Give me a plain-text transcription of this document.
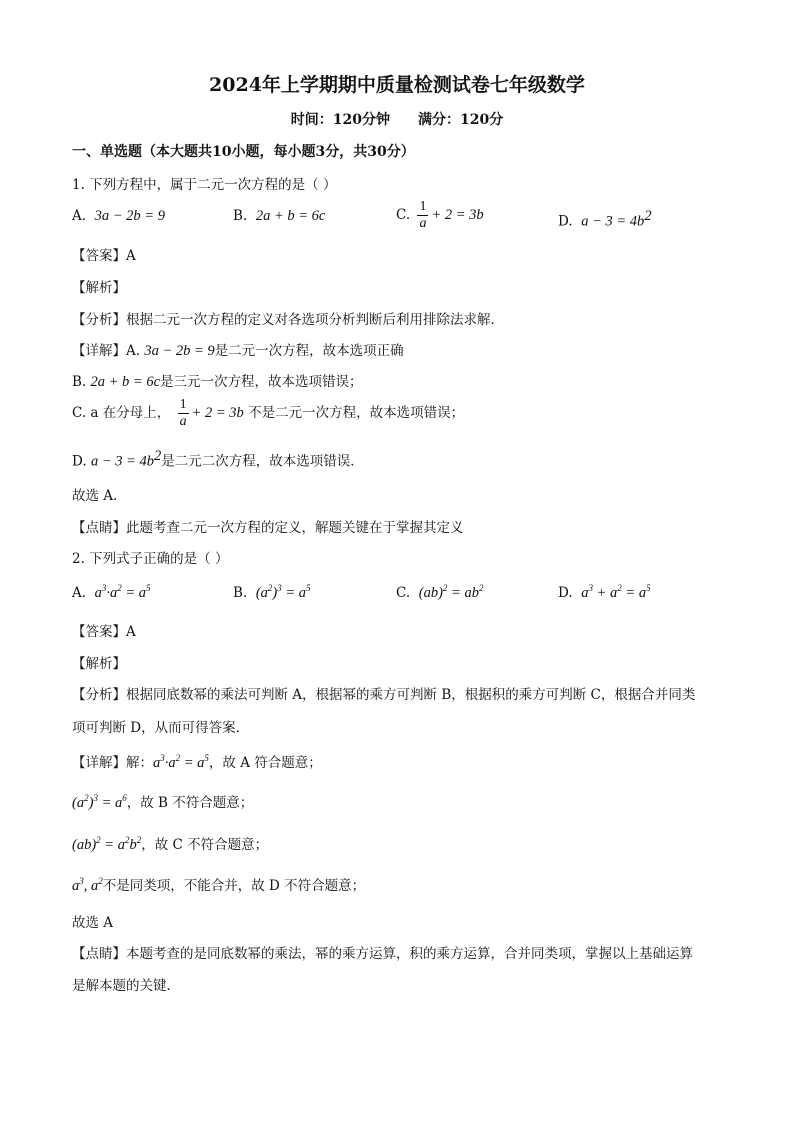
2024年上学期期中质量检测试卷七年级数学
时间：120分钟 满分：120分
一、单选题（本大题共10小题，每小题3分，共30分）
1. 下列方程中，属于二元一次方程的是（ ）
A. 3a − 2b = 9	B. 2a + b = 6c	C. $\frac{1}{a} + 2 = 3b$	D. $a - 3 = 4b^2$
【答案】A
【解析】
【分析】根据二元一次方程的定义对各选项分析判断后利用排除法求解．
【详解】A. 3a − 2b = 9是二元一次方程，故本选项正确
B. 2a + b = 6c是三元一次方程，故本选项错误；
C. a 在分母上， $\frac{1}{a} + 2 = 3b$ 不是二元一次方程，故本选项错误；
D. $a - 3 = 4b^2$是二元二次方程，故本选项错误．
故选 A.
【点睛】此题考查二元一次方程的定义，解题关键在于掌握其定义
2. 下列式子正确的是（ ）
A. $a^3\cdot a^2 = a^5$	B. $(a^2)^3 = a^5$	C. $(ab)^2 = ab^2$	D. $a^3 + a^2 = a^5$
【答案】A
【解析】
【分析】根据同底数幂的乘法可判断 A，根据幂的乘方可判断 B，根据积的乘方可判断 C，根据合并同类
项可判断 D，从而可得答案．
【详解】解：$a^3\cdot a^2 = a^5$，故 A 符合题意；
$(a^2)^3 = a^6$，故 B 不符合题意；
$(ab)^2 = a^2b^2$，故 C 不符合题意；
$a^3$, $a^2$不是同类项，不能合并，故 D 不符合题意；
故选 A
【点睛】本题考查的是同底数幂的乘法，幂的乘方运算，积的乘方运算，合并同类项，掌握以上基础运算
是解本题的关键．
